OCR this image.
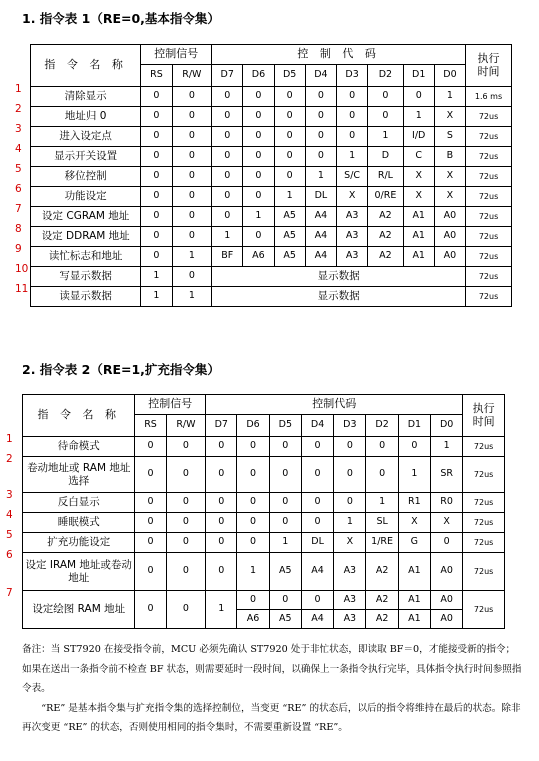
1. 指令表 1（RE=0,基本指令集）
指 令 名 称	控制信号		控 制 代 码								执行
时间
	RS	R/W	D7	D6	D5	D4	D3	D2	D1	D0	
清除显示	0	0	0	0	0	0	0	0	0	1	1.6 ms
地址归 0	0	0	0	0	0	0	0	0	1	X	72us
进入设定点	0	0	0	0	0	0	0	1	I/D	S	72us
显示开关设置	0	0	0	0	0	0	1	D	C	B	72us
移位控制	0	0	0	0	0	1	S/C	R/L	X	X	72us
功能设定	0	0	0	0	1	DL	X	0/RE	X	X	72us
设定 CGRAM 地址	0	0	0	1	A5	A4	A3	A2	A1	A0	72us
设定 DDRAM 地址	0	0	1	0	A5	A4	A3	A2	A1	A0	72us
读忙标志和地址	0	1	BF	A6	A5	A4	A3	A2	A1	A0	72us
写显示数据	1	0	显示数据								72us
读显示数据	1	1	显示数据								72us
1
2
3
4
5
6
7
8
9
10
11
2. 指令表 2（RE=1,扩充指令集）
指 令 名 称	控制信号		控制代码								执行
时间
	RS	R/W	D7	D6	D5	D4	D3	D2	D1	D0	
待命模式	0	0	0	0	0	0	0	0	0	1	72us
卷动地址或 RAM 地址选择	0	0	0	0	0	0	0	0	1	SR	72us
反白显示	0	0	0	0	0	0	0	1	R1	R0	72us
睡眠模式	0	0	0	0	0	0	1	SL	X	X	72us
扩充功能设定	0	0	0	0	1	DL	X	1/RE	G	0	72us
设定 IRAM 地址或卷动地址	0	0	0	1	A5	A4	A3	A2	A1	A0	72us
设定绘图 RAM 地址	0	0	1	0	0	0	A3	A2	A1	A0	72us
				A6	A5	A4	A3	A2	A1	A0	
1
2
3
4
5
6
7

备注：当 ST7920 在接受指令前，MCU 必须先确认 ST7920 处于非忙状态，即读取 BF＝0，才能接受新的指令；如果在送出一条指令前不检查 BF 状态，则需要延时一段时间，以确保上一条指令执行完毕，具体指令执行时间参照指令表。

“RE” 是基本指令集与扩充指令集的选择控制位，当变更 “RE” 的状态后，以后的指令将维持在最后的状态。除非再次变更 “RE” 的状态，否则使用相同的指令集时，不需要重新设置 “RE”。
